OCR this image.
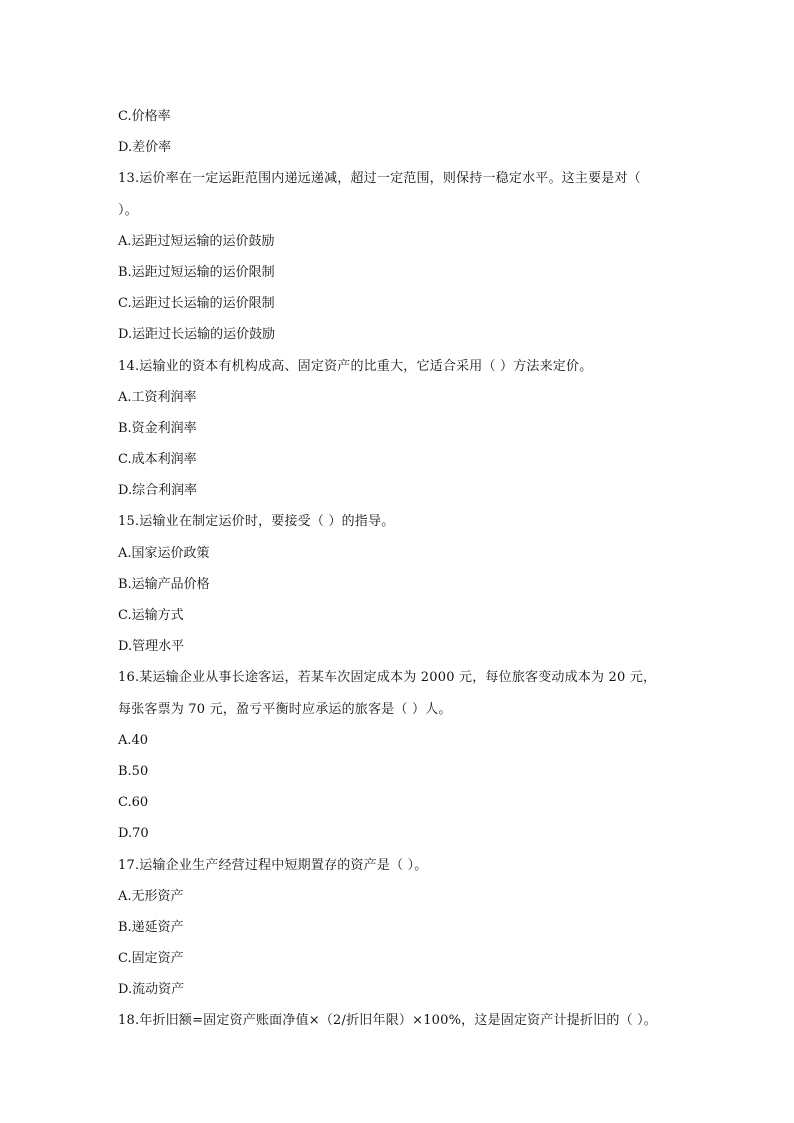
C.价格率
D.差价率
13.运价率在一定运距范围内递远递减，超过一定范围，则保持一稳定水平。这主要是对（
）。
A.运距过短运输的运价鼓励
B.运距过短运输的运价限制
C.运距过长运输的运价限制
D.运距过长运输的运价鼓励
14.运输业的资本有机构成高、固定资产的比重大，它适合采用（ ）方法来定价。
A.工资利润率
B.资金利润率
C.成本利润率
D.综合利润率
15.运输业在制定运价时，要接受（ ）的指导。
A.国家运价政策
B.运输产品价格
C.运输方式
D.管理水平
16.某运输企业从事长途客运，若某车次固定成本为 2000 元，每位旅客变动成本为 20 元，
每张客票为 70 元，盈亏平衡时应承运的旅客是（ ）人。
A.40
B.50
C.60
D.70
17.运输企业生产经营过程中短期置存的资产是（ ）。
A.无形资产
B.递延资产
C.固定资产
D.流动资产
18.年折旧额=固定资产账面净值×（2/折旧年限）×100%，这是固定资产计提折旧的（ ）。
